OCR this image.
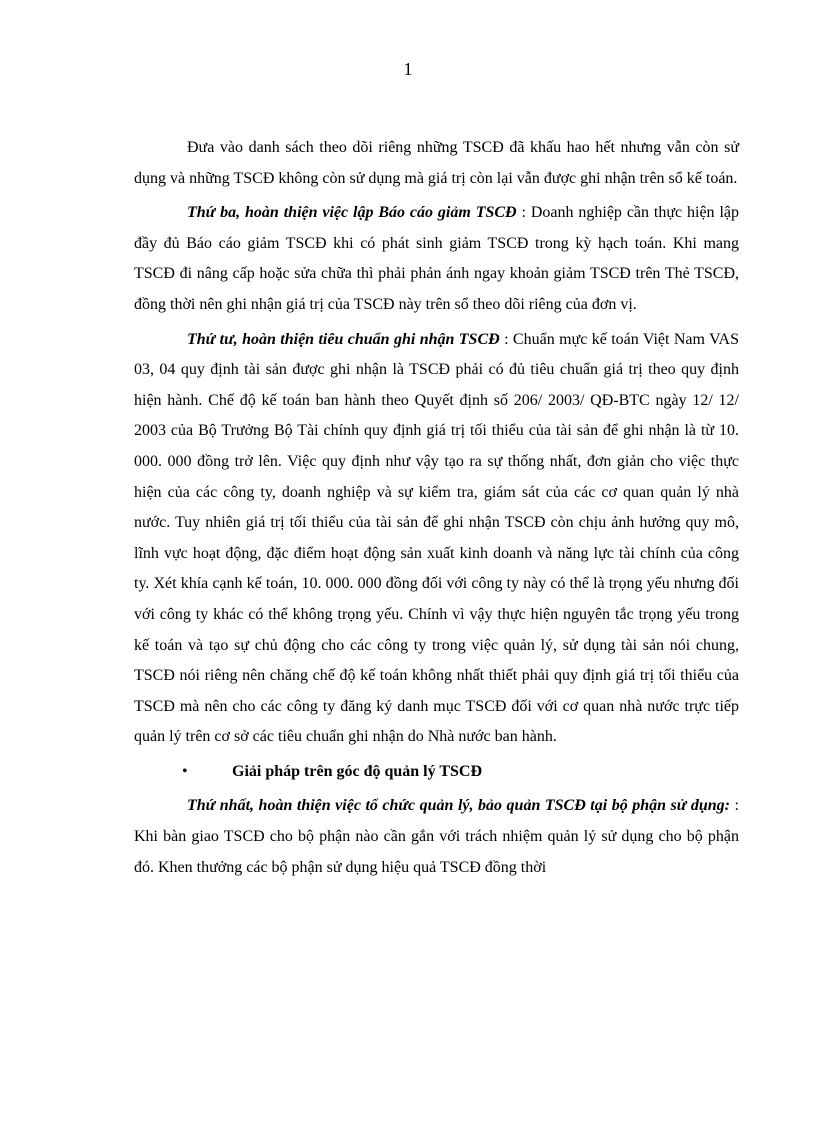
1

Đưa vào danh sách theo dõi riêng những TSCĐ đã khấu hao hết nhưng vẫn còn sử dụng và những TSCĐ không còn sử dụng mà giá trị còn lại vẫn được ghi nhận trên sổ kế toán.

Thứ ba, hoàn thiện việc lập Báo cáo giảm TSCĐ : Doanh nghiệp cần thực hiện lập đầy đủ Báo cáo giảm TSCĐ khi có phát sinh giảm TSCĐ trong kỳ hạch toán. Khi mang TSCĐ đi nâng cấp hoặc sửa chữa thì phải phản ánh ngay khoản giảm TSCĐ trên Thẻ TSCĐ, đồng thời nên ghi nhận giá trị của TSCĐ này trên sổ theo dõi riêng của đơn vị.

Thứ tư, hoàn thiện tiêu chuẩn ghi nhận TSCĐ : Chuẩn mực kế toán Việt Nam VAS 03, 04 quy định tài sản được ghi nhận là TSCĐ phải có đủ tiêu chuẩn giá trị theo quy định hiện hành. Chế độ kế toán ban hành theo Quyết định số 206/ 2003/ QĐ-BTC ngày 12/ 12/ 2003 của Bộ Trưởng Bộ Tài chính quy định giá trị tối thiểu của tài sản để ghi nhận là từ 10. 000. 000 đồng trở lên. Việc quy định như vậy tạo ra sự thống nhất, đơn giản cho việc thực hiện của các công ty, doanh nghiệp và sự kiểm tra, giám sát của các cơ quan quản lý nhà nước. Tuy nhiên giá trị tối thiểu của tài sản để ghi nhận TSCĐ còn chịu ảnh hưởng quy mô, lĩnh vực hoạt động, đặc điểm hoạt động sản xuất kinh doanh và năng lực tài chính của công ty. Xét khía cạnh kế toán, 10. 000. 000 đồng đối với công ty này có thể là trọng yếu nhưng đối với công ty khác có thể không trọng yếu. Chính vì vậy thực hiện nguyên tắc trọng yếu trong kế toán và tạo sự chủ động cho các công ty trong việc quản lý, sử dụng tài sản nói chung, TSCĐ nói riêng nên chăng chế độ kế toán không nhất thiết phải quy định giá trị tối thiểu của TSCĐ mà nên cho các công ty đăng ký danh mục TSCĐ đối với cơ quan nhà nước trực tiếp quản lý trên cơ sở các tiêu chuẩn ghi nhận do Nhà nước ban hành.

•	Giải pháp trên góc độ quản lý TSCĐ

Thứ nhất, hoàn thiện việc tổ chức quản lý, bảo quản TSCĐ tại bộ phận sử dụng: : Khi bàn giao TSCĐ cho bộ phận nào cần gắn với trách nhiệm quản lý sử dụng cho bộ phận đó. Khen thưởng các bộ phận sử dụng hiệu quả TSCĐ đồng thời
